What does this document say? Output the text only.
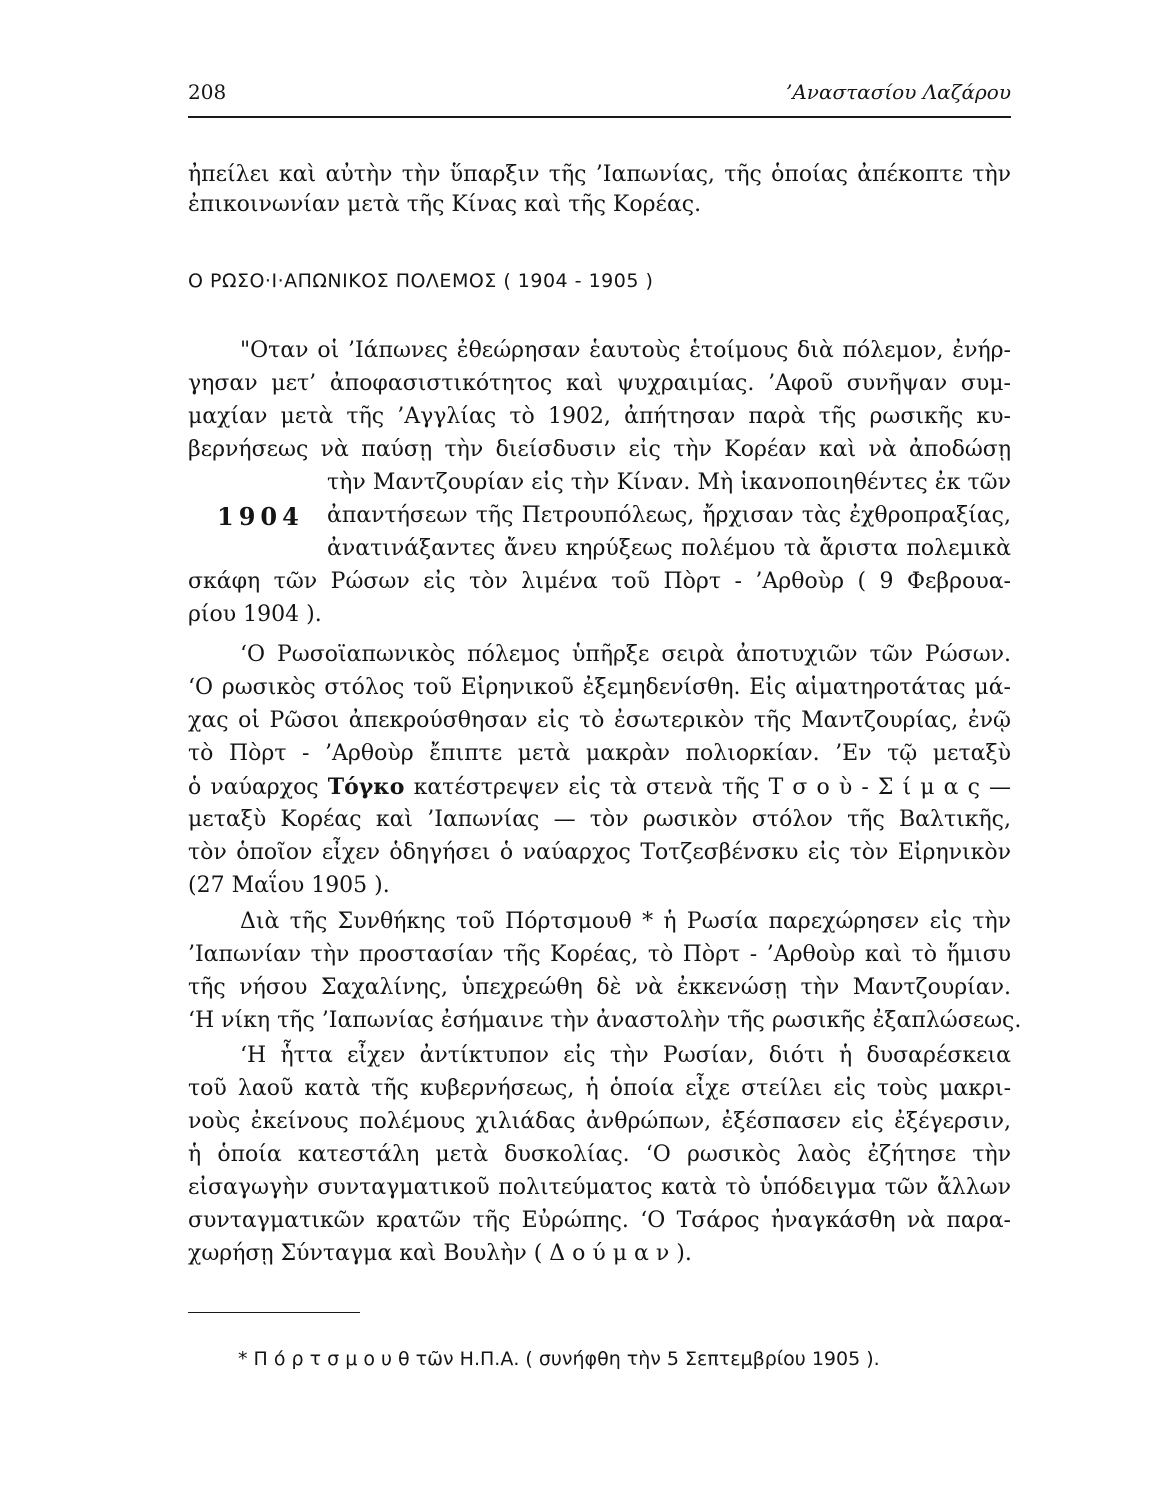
208	’Αναστασίου Λαζάρου
ἠπείλει καὶ αὐτὴν τὴν ὕπαρξιν τῆς ’Ιαπωνίας, τῆς ὁποίας ἀπέκοπτε τὴν
ἐπικοινωνίαν μετὰ τῆς Κίνας καὶ τῆς Κορέας.
Ο ΡΩΣΟ·Ι·ΑΠΩΝΙΚΟΣ ΠΟΛΕΜΟΣ ( 1904 - 1905 )
1904
"Οταν οἱ ’Ιάπωνες ἐθεώρησαν ἑαυτοὺς ἑτοίμους διὰ πόλεμον, ἐνήρ-
γησαν μετ’ ἀποφασιστικότητος καὶ ψυχραιμίας. ’Αφοῦ συνῆψαν συμ-
μαχίαν μετὰ τῆς ’Αγγλίας τὸ 1902, ἀπήτησαν παρὰ τῆς ρωσικῆς κυ-
βερνήσεως νὰ παύσῃ τὴν διείσδυσιν εἰς τὴν Κορέαν καὶ νὰ ἀποδώσῃ
τὴν Μαντζουρίαν εἰς τὴν Κίναν. Μὴ ἱκανοποιηθέντες ἐκ τῶν
ἀπαντήσεων τῆς Πετρουπόλεως, ἤρχισαν τὰς ἐχθροπραξίας,
ἀνατινάξαντες ἄνευ κηρύξεως πολέμου τὰ ἄριστα πολεμικὰ
σκάφη τῶν Ρώσων εἰς τὸν λιμένα τοῦ Πὸρτ - ’Αρθοὺρ ( 9 Φεβρουα-
ρίου 1904 ).
‘Ο Ρωσοϊαπωνικὸς πόλεμος ὑπῆρξε σειρὰ ἀποτυχιῶν τῶν Ρώσων.
‘Ο ρωσικὸς στόλος τοῦ Εἰρηνικοῦ ἐξεμηδενίσθη. Εἰς αἱματηροτάτας μά-
χας οἱ Ρῶσοι ἀπεκρούσθησαν εἰς τὸ ἐσωτερικὸν τῆς Μαντζουρίας, ἐνῷ
τὸ Πὸρτ - ’Αρθοὺρ ἔπιπτε μετὰ μακρὰν πολιορκίαν. ’Εν τῷ μεταξὺ
ὁ ναύαρχος Τόγκο κατέστρεψεν εἰς τὰ στενὰ τῆς Τ σ ο ὺ - Σ ί μ α ς —
μεταξὺ Κορέας καὶ ’Ιαπωνίας — τὸν ρωσικὸν στόλον τῆς Βαλτικῆς,
τὸν ὁποῖον εἶχεν ὁδηγήσει ὁ ναύαρχος Τοτζεσβένσκυ εἰς τὸν Εἰρηνικὸν
(27 Μαΐου 1905 ).
Διὰ τῆς Συνθήκης τοῦ Πόρτσμουθ * ἡ Ρωσία παρεχώρησεν εἰς τὴν
’Ιαπωνίαν τὴν προστασίαν τῆς Κορέας, τὸ Πὸρτ - ’Αρθοὺρ καὶ τὸ ἥμισυ
τῆς νήσου Σαχαλίνης, ὑπεχρεώθη δὲ νὰ ἐκκενώσῃ τὴν Μαντζουρίαν.
‘Η νίκη τῆς ’Ιαπωνίας ἐσήμαινε τὴν ἀναστολὴν τῆς ρωσικῆς ἐξαπλώσεως.
‘Η ἧττα εἶχεν ἀντίκτυπον εἰς τὴν Ρωσίαν, διότι ἡ δυσαρέσκεια
τοῦ λαοῦ κατὰ τῆς κυβερνήσεως, ἡ ὁποία εἶχε στείλει εἰς τοὺς μακρι-
νοὺς ἐκείνους πολέμους χιλιάδας ἀνθρώπων, ἐξέσπασεν εἰς ἐξέγερσιν,
ἡ ὁποία κατεστάλη μετὰ δυσκολίας. ‘Ο ρωσικὸς λαὸς ἐζήτησε τὴν
εἰσαγωγὴν συνταγματικοῦ πολιτεύματος κατὰ τὸ ὑπόδειγμα τῶν ἄλλων
συνταγματικῶν κρατῶν τῆς Εὐρώπης. ‘Ο Τσάρος ἠναγκάσθη νὰ παρα-
χωρήσῃ Σύνταγμα καὶ Βουλὴν ( Δ ο ύ μ α ν ).
* Π ό ρ τ σ μ ο υ θ τῶν Η.Π.Α. ( συνήφθη τὴν 5 Σεπτεμβρίου 1905 ).
